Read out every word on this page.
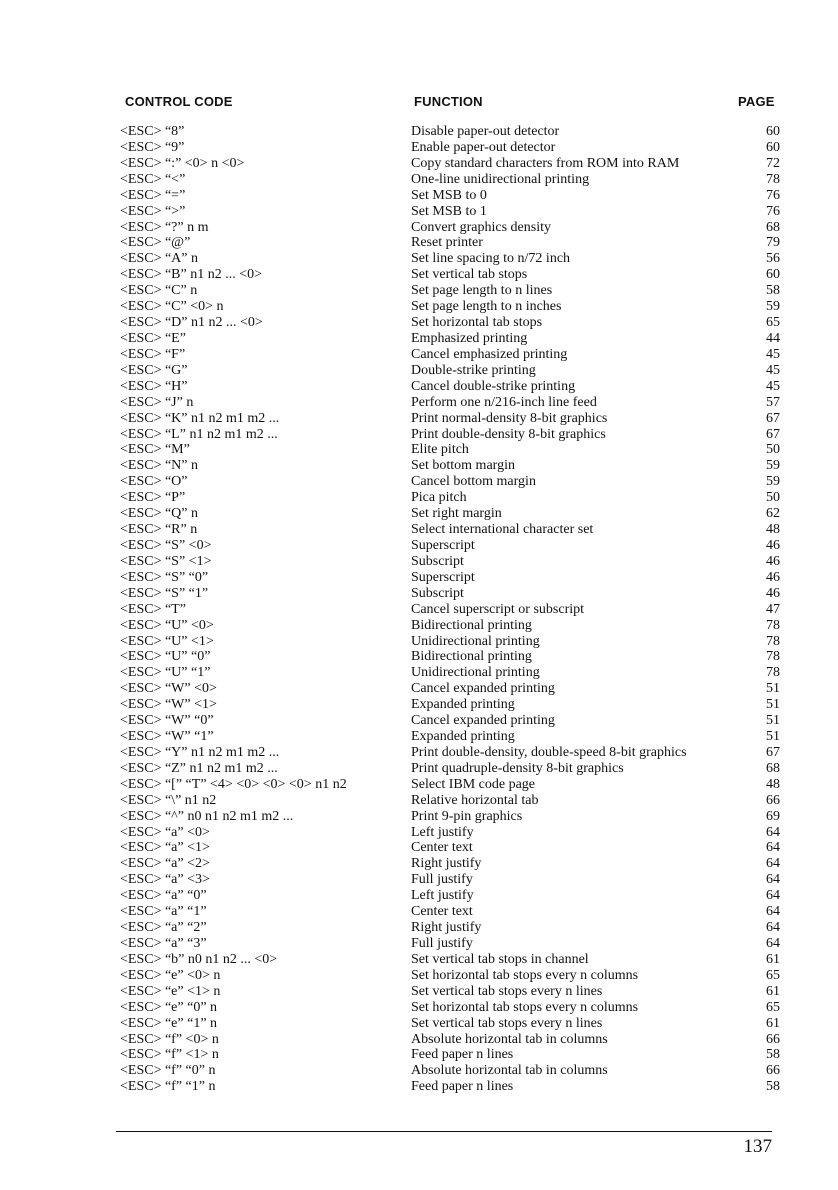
CONTROL CODE	FUNCTION	PAGE
<ESC> “8”	Disable paper-out detector	60
<ESC> “9”	Enable paper-out detector	60
<ESC> “:” <0> n <0>	Copy standard characters from ROM into RAM	72
<ESC> “<”	One-line unidirectional printing	78
<ESC> “=”	Set MSB to 0	76
<ESC> “>”	Set MSB to 1	76
<ESC> “?” n m	Convert graphics density	68
<ESC> “@”	Reset printer	79
<ESC> “A” n	Set line spacing to n/72 inch	56
<ESC> “B” n1 n2 ... <0>	Set vertical tab stops	60
<ESC> “C” n	Set page length to n lines	58
<ESC> “C” <0> n	Set page length to n inches	59
<ESC> “D” n1 n2 ... <0>	Set horizontal tab stops	65
<ESC> “E”	Emphasized printing	44
<ESC> “F”	Cancel emphasized printing	45
<ESC> “G”	Double-strike printing	45
<ESC> “H”	Cancel double-strike printing	45
<ESC> “J” n	Perform one n/216-inch line feed	57
<ESC> “K” n1 n2 m1 m2 ...	Print normal-density 8-bit graphics	67
<ESC> “L” n1 n2 m1 m2 ...	Print double-density 8-bit graphics	67
<ESC> “M”	Elite pitch	50
<ESC> “N” n	Set bottom margin	59
<ESC> “O”	Cancel bottom margin	59
<ESC> “P”	Pica pitch	50
<ESC> “Q” n	Set right margin	62
<ESC> “R” n	Select international character set	48
<ESC> “S” <0>	Superscript	46
<ESC> “S” <1>	Subscript	46
<ESC> “S” “0”	Superscript	46
<ESC> “S” “1”	Subscript	46
<ESC> “T”	Cancel superscript or subscript	47
<ESC> “U” <0>	Bidirectional printing	78
<ESC> “U” <1>	Unidirectional printing	78
<ESC> “U” “0”	Bidirectional printing	78
<ESC> “U” “1”	Unidirectional printing	78
<ESC> “W” <0>	Cancel expanded printing	51
<ESC> “W” <1>	Expanded printing	51
<ESC> “W” “0”	Cancel expanded printing	51
<ESC> “W” “1”	Expanded printing	51
<ESC> “Y” n1 n2 m1 m2 ...	Print double-density, double-speed 8-bit graphics	67
<ESC> “Z” n1 n2 m1 m2 ...	Print quadruple-density 8-bit graphics	68
<ESC> “[” “T” <4> <0> <0> <0> n1 n2	Select IBM code page	48
<ESC> “\” n1 n2	Relative horizontal tab	66
<ESC> “^” n0 n1 n2 m1 m2 ...	Print 9-pin graphics	69
<ESC> “a” <0>	Left justify	64
<ESC> “a” <1>	Center text	64
<ESC> “a” <2>	Right justify	64
<ESC> “a” <3>	Full justify	64
<ESC> “a” “0”	Left justify	64
<ESC> “a” “1”	Center text	64
<ESC> “a” “2”	Right justify	64
<ESC> “a” “3”	Full justify	64
<ESC> “b” n0 n1 n2 ... <0>	Set vertical tab stops in channel	61
<ESC> “e” <0> n	Set horizontal tab stops every n columns	65
<ESC> “e” <1> n	Set vertical tab stops every n lines	61
<ESC> “e” “0” n	Set horizontal tab stops every n columns	65
<ESC> “e” “1” n	Set vertical tab stops every n lines	61
<ESC> “f” <0> n	Absolute horizontal tab in columns	66
<ESC> “f” <1> n	Feed paper n lines	58
<ESC> “f” “0” n	Absolute horizontal tab in columns	66
<ESC> “f” “1” n	Feed paper n lines	58
137
